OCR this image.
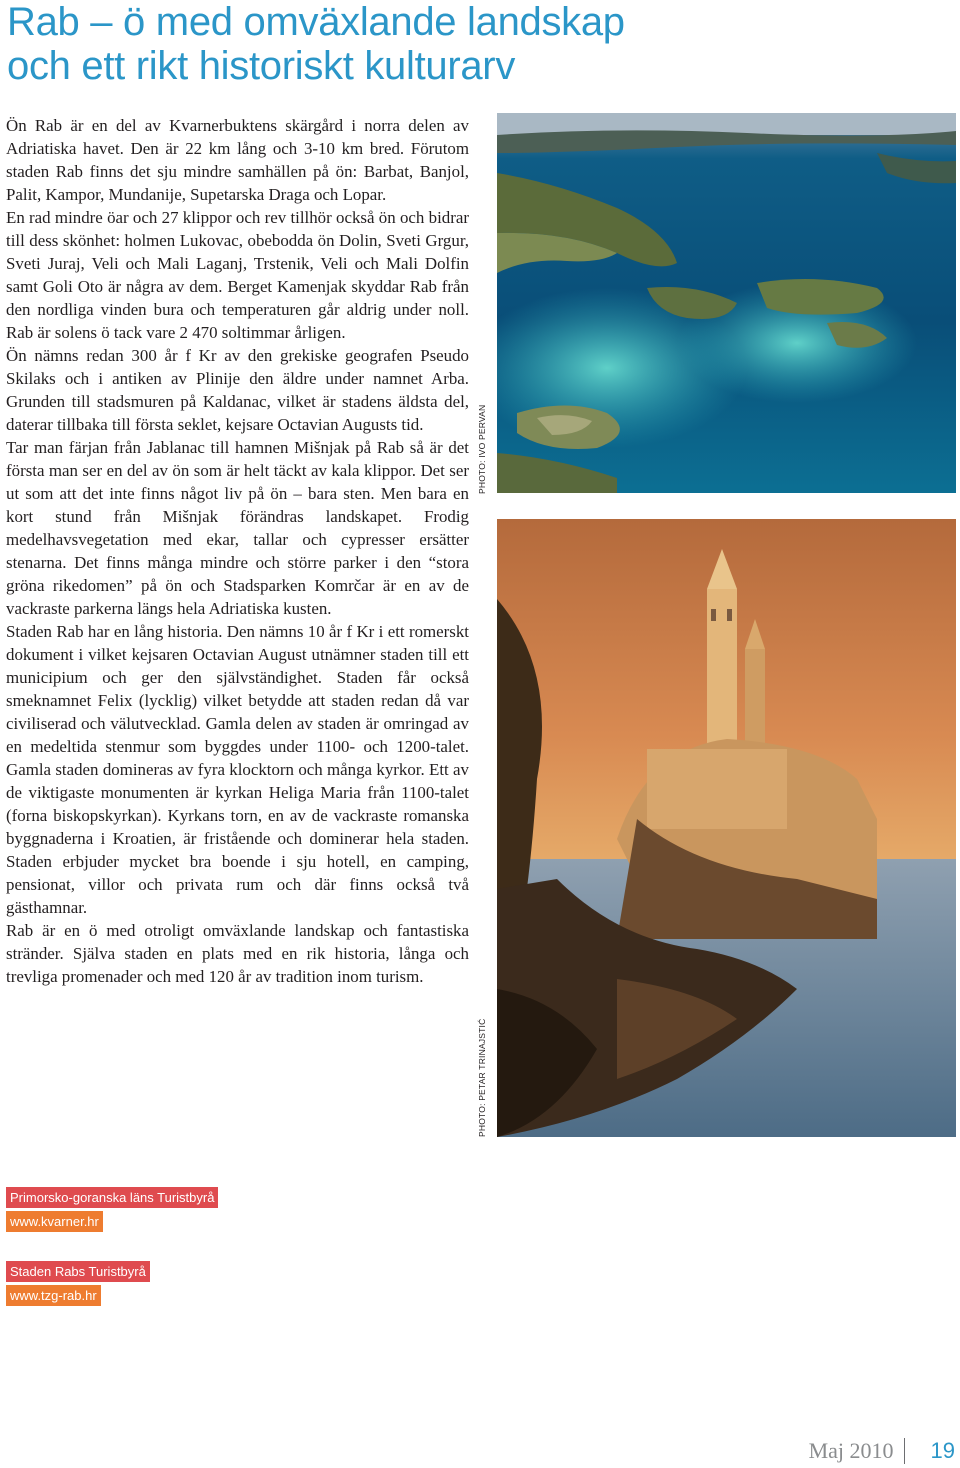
Rab – ö med omväxlande landskap
och ett rikt historiskt kulturarv

Ön Rab är en del av Kvarnerbuktens skärgård i norra delen av Adriatiska havet. Den är 22 km lång och 3-10 km bred. Förutom staden Rab finns det sju mindre samhällen på ön: Barbat, Banjol, Palit, Kampor, Mundanije, Supetarska Draga och Lopar.

En rad mindre öar och 27 klippor och rev tillhör också ön och bidrar till dess skönhet: holmen Lukovac, obebodda ön Dolin, Sveti Grgur, Sveti Juraj, Veli och Mali Laganj, Trstenik, Veli och Mali Dolfin samt Goli Oto är några av dem. Berget Kamenjak skyddar Rab från den nordliga vinden bura och temperaturen går aldrig under noll. Rab är solens ö tack vare 2 470 soltimmar årligen.

Ön nämns redan 300 år f Kr av den grekiske geografen Pseudo Skilaks och i antiken av Plinije den äldre under namnet Arba. Grunden till stadsmuren på Kaldanac, vilket är stadens äldsta del, daterar tillbaka till första seklet, kejsare Octavian Augusts tid.

Tar man färjan från Jablanac till hamnen Mišnjak på Rab så är det första man ser en del av ön som är helt täckt av kala klippor. Det ser ut som att det inte finns något liv på ön – bara sten. Men bara en kort stund från Mišnjak förändras landskapet. Frodig medelhavsvegetation med ekar, tallar och cypresser ersätter stenarna. Det finns många mindre och större parker i den “stora gröna rikedomen” på ön och Stadsparken Komrčar är en av de vackraste parkerna längs hela Adriatiska kusten.

Staden Rab har en lång historia. Den nämns 10 år f Kr i ett romerskt dokument i vilket kejsaren Octavian August utnämner staden till ett municipium och ger den självständighet. Staden får också smeknamnet Felix (lycklig) vilket betydde att staden redan då var civiliserad och välutvecklad. Gamla delen av staden är omringad av en medeltida stenmur som byggdes under 1100- och 1200-talet. Gamla staden domineras av fyra klocktorn och många kyrkor. Ett av de viktigaste monumenten är kyrkan Heliga Maria från 1100-talet (forna biskopskyrkan). Kyrkans torn, en av de vackraste romanska byggnaderna i Kroatien, är fristående och dominerar hela staden. Staden erbjuder mycket bra boende i sju hotell, en camping, pensionat, villor och privata rum och där finns också två gästhamnar.

Rab är en ö med otroligt omväxlande landskap och fantastiska stränder. Själva staden en plats med en rik historia, långa och trevliga promenader och med 120 år av tradition inom turism.

PHOTO: IVO PERVAN
PHOTO: PETAR TRINAJSTIĆ
Primorsko-goranska läns Turistbyrå
www.kvarner.hr
Staden Rabs Turistbyrå
www.tzg-rab.hr
Maj 2010 19
